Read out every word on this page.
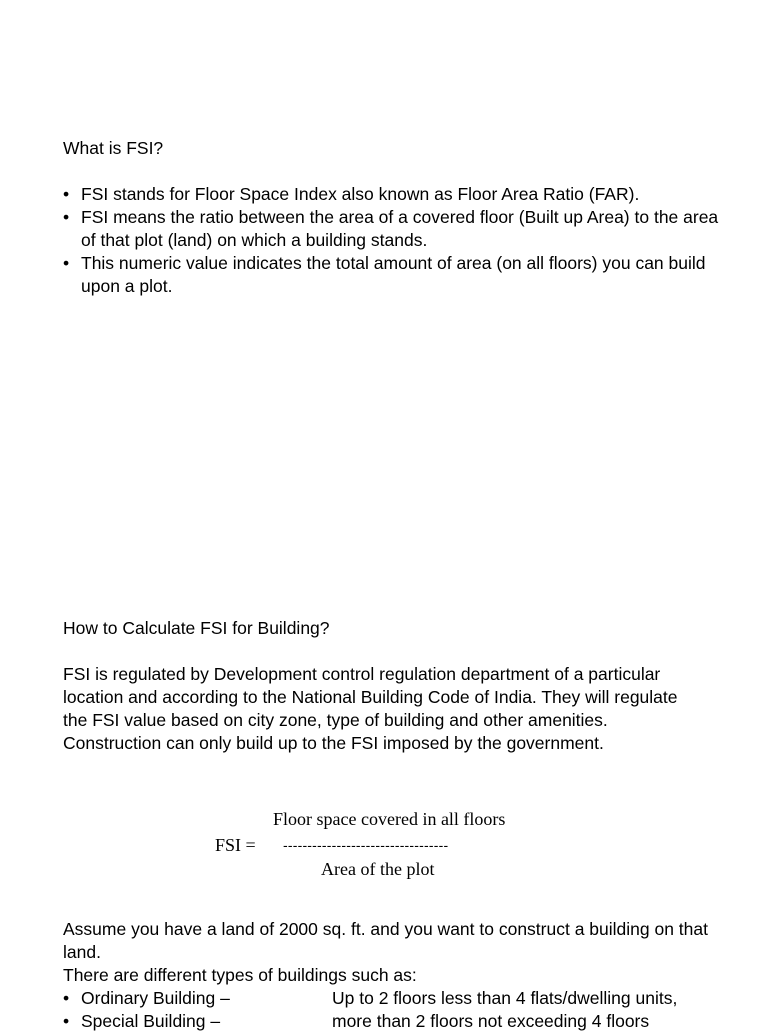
What is FSI?

• FSI stands for Floor Space Index also known as Floor Area Ratio (FAR).
• FSI means the ratio between the area of a covered floor (Built up Area) to the area of that plot (land) on which a building stands.
• This numeric value indicates the total amount of area (on all floors) you can build upon a plot.

How to Calculate FSI for Building?

FSI is regulated by Development control regulation department of a particular location and according to the National Building Code of India. They will regulate the FSI value based on city zone, type of building and other amenities. Construction can only build up to the FSI imposed by the government.

Floor space covered in all floors
FSI = ----------------------------------
Area of the plot

Assume you have a land of 2000 sq. ft. and you want to construct a building on that land.

There are different types of buildings such as:

• Ordinary Building –	Up to 2 floors less than 4 flats/dwelling units,
• Special Building –	more than 2 floors not exceeding 4 floors
